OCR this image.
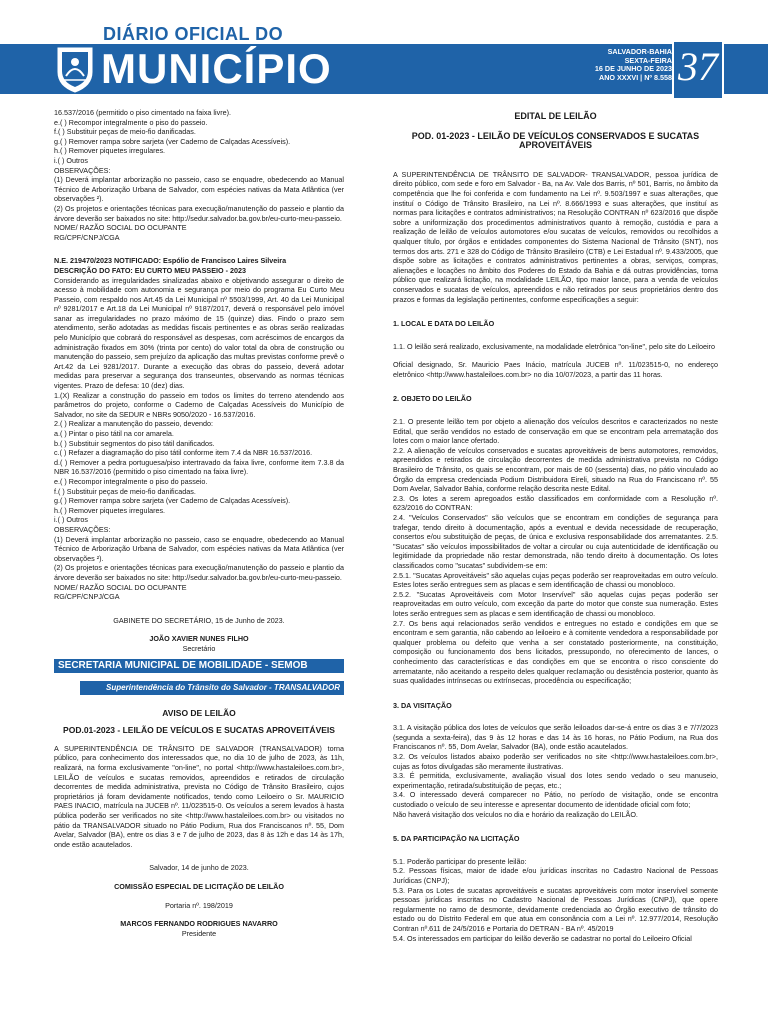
DIÁRIO OFICIAL DO
MUNICÍPIO	SALVADOR-BAHIA
SEXTA-FEIRA
16 DE JUNHO DE 2023
ANO XXXVI | Nº 8.558 37

16.537/2016 (permitido o piso cimentado na faixa livre).

e.( ) Recompor integralmente o piso do passeio.

f.( ) Substituir peças de meio-fio danificadas.

g.( ) Remover rampa sobre sarjeta (ver Caderno de Calçadas Acessíveis).

h.( ) Remover piquetes irregulares.

i.( ) Outros

OBSERVAÇÕES:

(1) Deverá implantar arborização no passeio, caso se enquadre, obedecendo ao Manual Técnico de Arborização Urbana de Salvador, com espécies nativas da Mata Atlântica (ver observações ²).

(2) Os projetos e orientações técnicas para execução/manutenção do passeio e plantio da árvore deverão ser baixados no site: http://sedur.salvador.ba.gov.br/eu-curto-meu-passeio.

NOME/ RAZÃO SOCIAL DO OCUPANTE

RG/CPF/CNPJ/CGA

N.E. 219470/2023 NOTIFICADO: Espólio de Francisco Laires Silveira

DESCRIÇÃO DO FATO: EU CURTO MEU PASSEIO - 2023

Considerando as irregularidades sinalizadas abaixo e objetivando assegurar o direito de acesso à mobilidade com autonomia e segurança por meio do programa Eu Curto Meu Passeio, com respaldo nos Art.45 da Lei Municipal nº 5503/1999, Art. 40 da Lei Municipal nº 9281/2017 e Art.18 da Lei Municipal nº 9187/2017, deverá o responsável pelo imóvel sanar as irregularidades no prazo máximo de 15 (quinze) dias. Findo o prazo sem atendimento, serão adotadas as medidas fiscais pertinentes e as obras serão realizadas pelo Município que cobrará do responsável as despesas, com acréscimos de encargos da administração fixados em 30% (trinta por cento) do valor total da obra de construção ou manutenção do passeio, sem prejuízo da aplicação das multas previstas conforme prevê o Art.42 da Lei 9281/2017. Durante a execução das obras do passeio, deverá adotar medidas para preservar a segurança dos transeuntes, observando as normas técnicas vigentes. Prazo de defesa: 10 (dez) dias.

1.(X) Realizar a construção do passeio em todos os limites do terreno atendendo aos parâmetros do projeto, conforme o Caderno de Calçadas Acessíveis do Município de Salvador, no site da SEDUR e NBRs 9050/2020 - 16.537/2016.

2.( ) Realizar a manutenção do passeio, devendo:

a.( ) Pintar o piso tátil na cor amarela.

b.( ) Substituir segmentos do piso tátil danificados.

c.( ) Refazer a diagramação do piso tátil conforme item 7.4 da NBR 16.537/2016.

d.( ) Remover a pedra portuguesa/piso intertravado da faixa livre, conforme item 7.3.8 da NBR 16.537/2016 (permitido o piso cimentado na faixa livre).

e.( ) Recompor integralmente o piso do passeio.

f.( ) Substituir peças de meio-fio danificadas.

g.( ) Remover rampa sobre sarjeta (ver Caderno de Calçadas Acessíveis).

h.( ) Remover piquetes irregulares.

i.( ) Outros

OBSERVAÇÕES:

(1) Deverá implantar arborização no passeio, caso se enquadre, obedecendo ao Manual Técnico de Arborização Urbana de Salvador, com espécies nativas da Mata Atlântica (ver observações ²).

(2) Os projetos e orientações técnicas para execução/manutenção do passeio e plantio da árvore deverão ser baixados no site: http://sedur.salvador.ba.gov.br/eu-curto-meu-passeio.

NOME/ RAZÃO SOCIAL DO OCUPANTE

RG/CPF/CNPJ/CGA

GABINETE DO SECRETÁRIO, 15 de Junho de 2023.

JOÃO XAVIER NUNES FILHO

Secretário

SECRETARIA MUNICIPAL DE MOBILIDADE - SEMOB
Superintendência do Trânsito do Salvador - TRANSALVADOR
AVISO DE LEILÃO
POD.01-2023 - LEILÃO DE VEÍCULOS E SUCATAS APROVEITÁVEIS

A SUPERINTENDÊNCIA DE TRÂNSITO DE SALVADOR (TRANSALVADOR) torna público, para conhecimento dos interessados que, no dia 10 de julho de 2023, às 11h, realizará, na forma exclusivamente "on-line", no portal <http://www.hastaleiloes.com.br>, LEILÃO de veículos e sucatas removidos, apreendidos e retirados de circulação decorrentes de medida administrativa, prevista no Código de Trânsito Brasileiro, cujos proprietários já foram devidamente notificados, tendo como Leiloeiro o Sr. MAURICIO PAES INACIO, matrícula na JUCEB nº. 11/023515-0. Os veículos a serem levados à hasta pública poderão ser verificados no site <http://www.hastaleiloes.com.br> ou visitados no pátio da TRANSALVADOR situado no Pátio Podium, Rua dos Franciscanos nº. 55, Dom Avelar, Salvador (BA), entre os dias 3 e 7 de julho de 2023, das 8 às 12h e das 14 às 17h, onde estão acautelados.

Salvador, 14 de junho de 2023.

COMISSÃO ESPECIAL DE LICITAÇÃO DE LEILÃO

Portaria nº. 198/2019

MARCOS FERNANDO RODRIGUES NAVARRO

Presidente

EDITAL DE LEILÃO
POD. 01-2023 - LEILÃO DE VEÍCULOS CONSERVADOS E SUCATAS APROVEITÁVEIS

A SUPERINTENDÊNCIA DE TRÂNSITO DE SALVADOR- TRANSALVADOR, pessoa jurídica de direito público, com sede e foro em Salvador - Ba, na Av. Vale dos Barris, nº 501, Barris, no âmbito da competência que lhe foi conferida e com fundamento na Lei nº. 9.503/1997 e suas alterações, que instituí o Código de Trânsito Brasileiro, na Lei nº. 8.666/1993 e suas alterações, que instituí as normas para licitações e contratos administrativos; na Resolução CONTRAN nº 623/2016 que dispõe sobre a uniformização dos procedimentos administrativos quanto à remoção, custódia e para a realização de leilão de veículos automotores e/ou sucatas de veículos, removidos ou recolhidos a qualquer título, por órgãos e entidades componentes do Sistema Nacional de Trânsito (SNT), nos termos dos arts. 271 e 328 do Código de Trânsito Brasileiro (CTB) e Lei Estadual nº. 9.433/2005, que dispõe sobre as licitações e contratos administrativos pertinentes a obras, serviços, compras, alienações e locações no âmbito dos Poderes do Estado da Bahia e dá outras providências, torna público que realizará licitação, na modalidade LEILÃO, tipo maior lance, para a venda de veículos conservados e sucatas de veículos, apreendidos e não retirados por seus proprietários dentro dos prazos e formas da legislação pertinentes, conforme especificações a seguir:

1. LOCAL E DATA DO LEILÃO

1.1. O leilão será realizado, exclusivamente, na modalidade eletrônica "on-line", pelo site do Leiloeiro

Oficial designado, Sr. Mauricio Paes Inácio, matrícula JUCEB nº. 11/023515-0, no endereço eletrônico <http://www.hastaleiloes.com.br> no dia 10/07/2023, a partir das 11 horas.

2. OBJETO DO LEILÃO

2.1. O presente leilão tem por objeto a alienação dos veículos descritos e caracterizados no neste Edital, que serão vendidos no estado de conservação em que se encontram pela arrematação dos lotes com o maior lance ofertado.

2.2. A alienação de veículos conservados e sucatas aproveitáveis de bens automotores, removidos, apreendidos e retirados de circulação decorrentes de medida administrativa prevista no Código Brasileiro de Trânsito, os quais se encontram, por mais de 60 (sessenta) dias, no pátio vinculado ao Órgão da empresa credenciada Podium Distribuidora Eireli, situado na Rua do Franciscano nº. 55 Dom Avelar, Salvador Bahia, conforme relação descrita neste Edital.

2.3. Os lotes a serem apregoados estão classificados em conformidade com a Resolução nº. 623/2016 do CONTRAN:

2.4. "Veículos Conservados" são veículos que se encontram em condições de segurança para trafegar, tendo direito à documentação, após a eventual e devida necessidade de recuperação, consertos e/ou substituição de peças, de única e exclusiva responsabilidade dos arrematantes. 2.5. "Sucatas" são veículos impossibilitados de voltar a circular ou cuja autenticidade de identificação ou legitimidade da propriedade não restar demonstrada, não tendo direito à documentação. Os lotes classificados como "sucatas" subdividem-se em:

2.5.1. "Sucatas Aproveitáveis" são aquelas cujas peças poderão ser reaproveitadas em outro veículo. Estes lotes serão entregues sem as placas e sem identificação de chassi ou monobloco.

2.5.2. "Sucatas Aproveitáveis com Motor Inservível" são aquelas cujas peças poderão ser reaproveitadas em outro veículo, com exceção da parte do motor que conste sua numeração. Estes lotes serão entregues sem as placas e sem identificação de chassi ou monobloco.

2.7. Os bens aqui relacionados serão vendidos e entregues no estado e condições em que se encontram e sem garantia, não cabendo ao leiloeiro e à comitente vendedora a responsabilidade por qualquer problema ou defeito que venha a ser constatado posteriormente, na constituição, composição ou funcionamento dos bens licitados, pressupondo, no oferecimento de lances, o conhecimento das características e das condições em que se encontra o risco consciente do arrematante, não aceitando a respeito deles qualquer reclamação ou desistência posterior, quanto às suas qualidades intrínsecas ou extrínsecas, procedência ou especificação;

3. DA VISITAÇÃO

3.1. A visitação pública dos lotes de veículos que serão leiloados dar-se-á entre os dias 3 e 7/7/2023 (segunda a sexta-feira), das 9 às 12 horas e das 14 às 16 horas, no Pátio Podium, na Rua dos Franciscanos nº. 55, Dom Avelar, Salvador (BA), onde estão acautelados.

3.2. Os veículos listados abaixo poderão ser verificados no site <http://www.hastaleiloes.com.br>, cujas as fotos divulgadas são meramente ilustrativas.

3.3. É permitida, exclusivamente, avaliação visual dos lotes sendo vedado o seu manuseio, experimentação, retirada/substituição de peças, etc.;

3.4. O interessado deverá comparecer no Pátio, no período de visitação, onde se encontra custodiado o veículo de seu interesse e apresentar documento de identidade oficial com foto;

Não haverá visitação dos veículos no dia e horário da realização do LEILÃO.

5. DA PARTICIPAÇÃO NA LICITAÇÃO

5.1. Poderão participar do presente leilão:

5.2. Pessoas físicas, maior de idade e/ou jurídicas inscritas no Cadastro Nacional de Pessoas Jurídicas (CNPJ);

5.3. Para os Lotes de sucatas aproveitáveis e sucatas aproveitáveis com motor inservível somente pessoas jurídicas inscritas no Cadastro Nacional de Pessoas Jurídicas (CNPJ), que opere regularmente no ramo de desmonte, devidamente credenciada ao Órgão executivo de trânsito do estado ou do Distrito Federal em que atua em consonância com a Lei nº. 12.977/2014, Resolução Contran nº.611 de 24/5/2016 e Portaria do DETRAN - BA nº. 45/2019

5.4. Os interessados em participar do leilão deverão se cadastrar no portal do Leiloeiro Oficial
